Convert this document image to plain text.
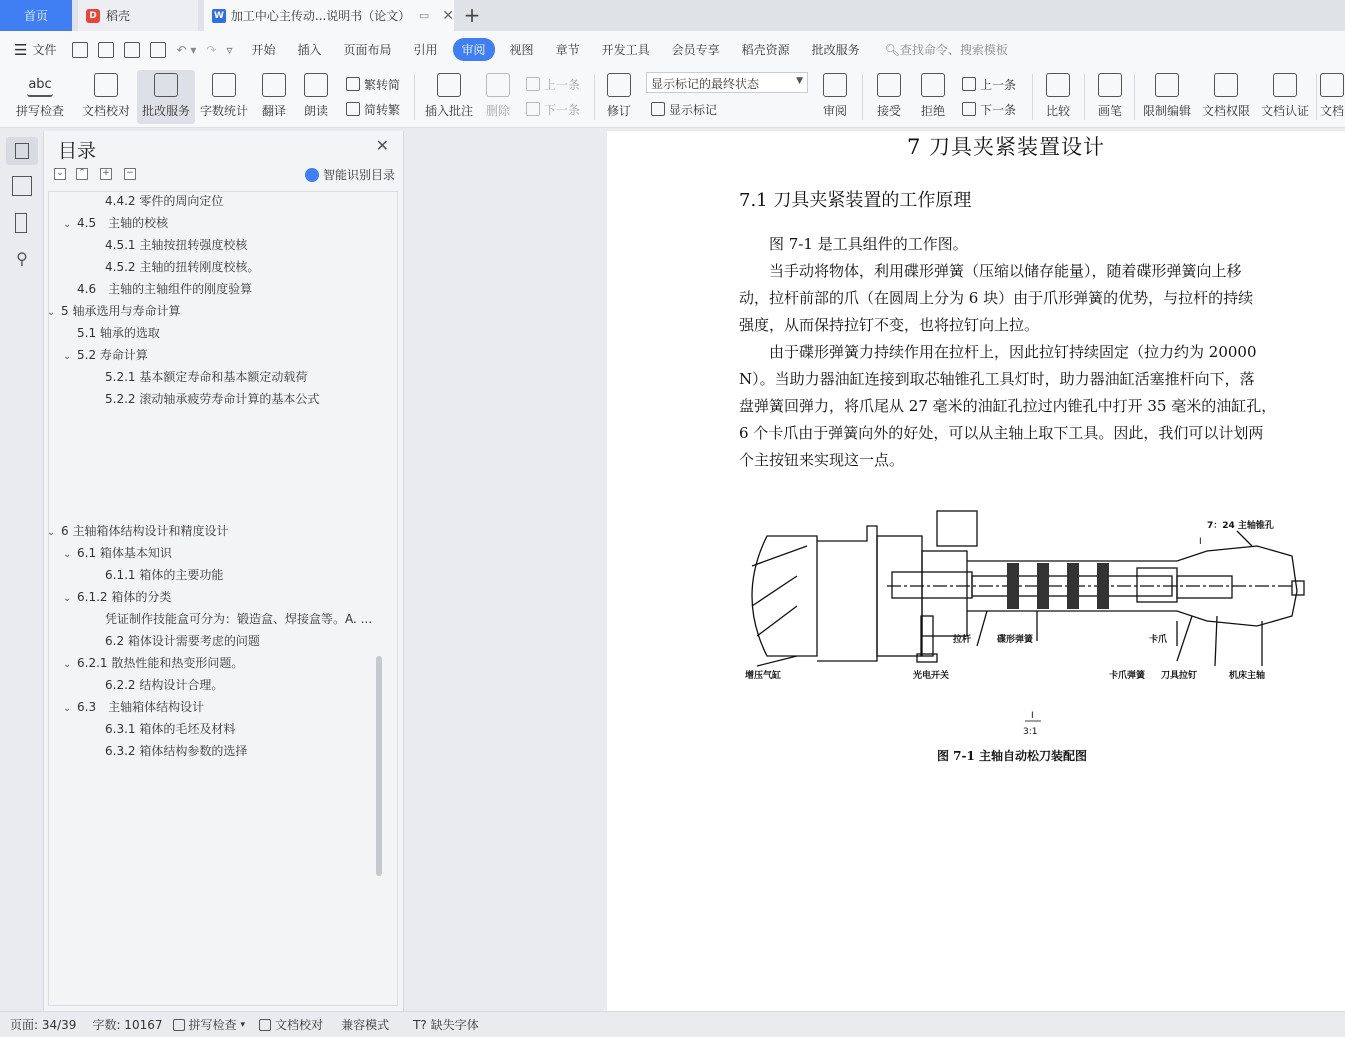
首页	D 稻壳	W 加工中心主传动...说明书（论文） ▭ ✕ +
☰ 文件	↶ ▾ ↷ ▿	开始	插入	页面布局	引用	审阅	视图	章节	开发工具	会员专享	稻壳资源	批改服务	🔍︎查找命令、搜索模板
abc
拼写检查 文档校对 批改服务 字数统计 翻译 朗读
繁转简
简转繁 插入批注 删除
上一条
下一条 修订
显示标记的最终状态	▼
显示标记	审阅 接受 拒绝
上一条
下一条 比较 画笔 限制编辑 文档权限 文档认证 文档
⚲
目录	✕
⌄ ⌃ + −	智能识别目录
4.4.2 零件的周向定位
⌄ 4.5　主轴的校核
4.5.1 主轴按扭转强度校核
4.5.2 主轴的扭转刚度校核。
4.6　主轴的主轴组件的刚度验算
⌄ 5 轴承选用与寿命计算
5.1 轴承的选取
⌄ 5.2 寿命计算
5.2.1 基本额定寿命和基本额定动载荷
5.2.2 滚动轴承疲劳寿命计算的基本公式
⌄ 6 主轴箱体结构设计和精度设计
⌄ 6.1 箱体基本知识
6.1.1 箱体的主要功能
⌄ 6.1.2 箱体的分类
凭证制作技能盒可分为：锻造盒、焊接盒等。A. ...
6.2 箱体设计需要考虑的问题
⌄ 6.2.1 散热性能和热变形问题。
6.2.2 结构设计合理。
⌄ 6.3　主轴箱体结构设计
6.3.1 箱体的毛坯及材料
6.3.2 箱体结构参数的选择
7 刀具夹紧装置设计
7.1 刀具夹紧装置的工作原理
　　图 7-1 是工具组件的工作图。
　　当手动将物体，利用碟形弹簧（压缩以储存能量），随着碟形弹簧向上移
动，拉杆前部的爪（在圆周上分为 6 块）由于爪形弹簧的优势，与拉杆的持续
强度，从而保持拉钉不变，也将拉钉向上拉。
　　由于碟形弹簧力持续作用在拉杆上，因此拉钉持续固定（拉力约为 20000
N）。当助力器油缸连接到取芯轴锥孔工具灯时，助力器油缸活塞推杆向下，落
盘弹簧回弹力，将爪尾从 27 毫米的油缸孔拉过内锥孔中打开 35 毫米的油缸孔，
6 个卡爪由于弹簧向外的好处，可以从主轴上取下工具。因此，我们可以计划两
个主按钮来实现这一点。
7：24 主轴锥孔
Ⅰ
拉杆	碟形弹簧	卡爪
增压气缸	光电开关	卡爪弹簧 刀具拉钉	机床主轴
Ⅰ
3:1
图 7-1 主轴自动松刀装配图
页面: 34/39 字数: 10167 拼写检查 ▾	文档校对 兼容模式 T? 缺失字体
